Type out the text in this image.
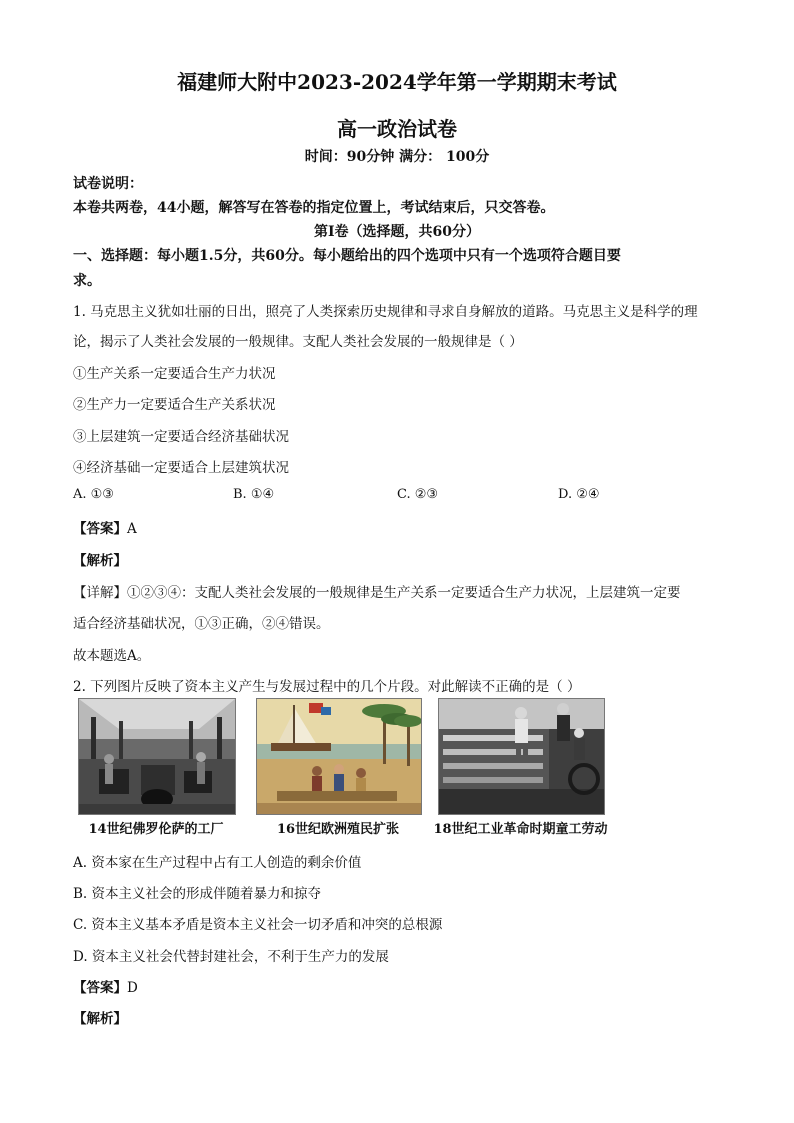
福建师大附中2023-2024学年第一学期期末考试
高一政治试卷
时间：90分钟 满分： 100分
试卷说明：
本卷共两卷，44小题，解答写在答卷的指定位置上，考试结束后，只交答卷。
第Ⅰ卷（选择题，共60分）
一、选择题：每小题1.5分，共60分。每小题给出的四个选项中只有一个选项符合题目要
求。
1. 马克思主义犹如壮丽的日出，照亮了人类探索历史规律和寻求自身解放的道路。马克思主义是科学的理
论，揭示了人类社会发展的一般规律。支配人类社会发展的一般规律是（ ）
①生产关系一定要适合生产力状况
②生产力一定要适合生产关系状况
③上层建筑一定要适合经济基础状况
④经济基础一定要适合上层建筑状况
A. ①③	B. ①④	C. ②③	D. ②④
【答案】A
【解析】
【详解】①②③④：支配人类社会发展的一般规律是生产关系一定要适合生产力状况，上层建筑一定要
适合经济基础状况，①③正确，②④错误。
故本题选A。
2. 下列图片反映了资本主义产生与发展过程中的几个片段。对此解读不正确的是（ ）
14世纪佛罗伦萨的工厂	16世纪欧洲殖民扩张	18世纪工业革命时期童工劳动
A. 资本家在生产过程中占有工人创造的剩余价值
B. 资本主义社会的形成伴随着暴力和掠夺
C. 资本主义基本矛盾是资本主义社会一切矛盾和冲突的总根源
D. 资本主义社会代替封建社会，不利于生产力的发展
【答案】D
【解析】
